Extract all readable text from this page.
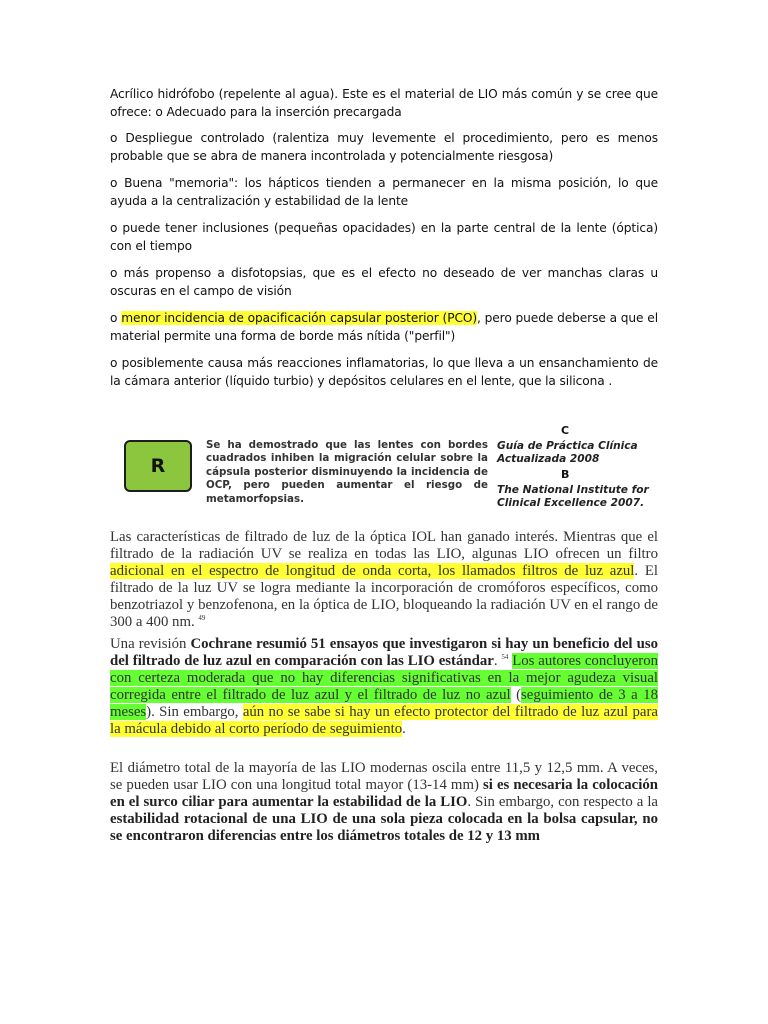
Acrílico hidrófobo (repelente al agua). Este es el material de LIO más común y se cree que ofrece: o Adecuado para la inserción precargada
o Despliegue controlado (ralentiza muy levemente el procedimiento, pero es menos probable que se abra de manera incontrolada y potencialmente riesgosa)
o Buena "memoria": los hápticos tienden a permanecer en la misma posición, lo que ayuda a la centralización y estabilidad de la lente
o puede tener inclusiones (pequeñas opacidades) en la parte central de la lente (óptica) con el tiempo
o más propenso a disfotopsias, que es el efecto no deseado de ver manchas claras u oscuras en el campo de visión
o menor incidencia de opacificación capsular posterior (PCO), pero puede deberse a que el material permite una forma de borde más nítida ("perfil")
o posiblemente causa más reacciones inflamatorias, lo que lleva a un ensanchamiento de la cámara anterior (líquido turbio) y depósitos celulares en el lente, que la silicona .
R
Se ha demostrado que las lentes con bordes cuadrados inhiben la migración celular sobre la cápsula posterior disminuyendo la incidencia de OCP, pero pueden aumentar el riesgo de metamorfopsias.
C
Guía de Práctica Clínica Actualizada 2008
B
The National Institute for Clinical Excellence 2007.
Las características de filtrado de luz de la óptica IOL han ganado interés. Mientras que el filtrado de la radiación UV se realiza en todas las LIO, algunas LIO ofrecen un filtro adicional en el espectro de longitud de onda corta, los llamados filtros de luz azul. El filtrado de la luz UV se logra mediante la incorporación de cromóforos específicos, como benzotriazol y benzofenona, en la óptica de LIO, bloqueando la radiación UV en el rango de 300 a 400 nm. $^{49}$
Una revisión Cochrane resumió 51 ensayos que investigaron si hay un beneficio del uso del filtrado de luz azul en comparación con las LIO estándar. $^{54}$ Los autores concluyeron con certeza moderada que no hay diferencias significativas en la mejor agudeza visual corregida entre el filtrado de luz azul y el filtrado de luz no azul (seguimiento de 3 a 18 meses). Sin embargo, aún no se sabe si hay un efecto protector del filtrado de luz azul para la mácula debido al corto período de seguimiento.
El diámetro total de la mayoría de las LIO modernas oscila entre 11,5 y 12,5 mm. A veces, se pueden usar LIO con una longitud total mayor (13-14 mm) si es necesaria la colocación en el surco ciliar para aumentar la estabilidad de la LIO. Sin embargo, con respecto a la estabilidad rotacional de una LIO de una sola pieza colocada en la bolsa capsular, no se encontraron diferencias entre los diámetros totales de 12 y 13 mm
